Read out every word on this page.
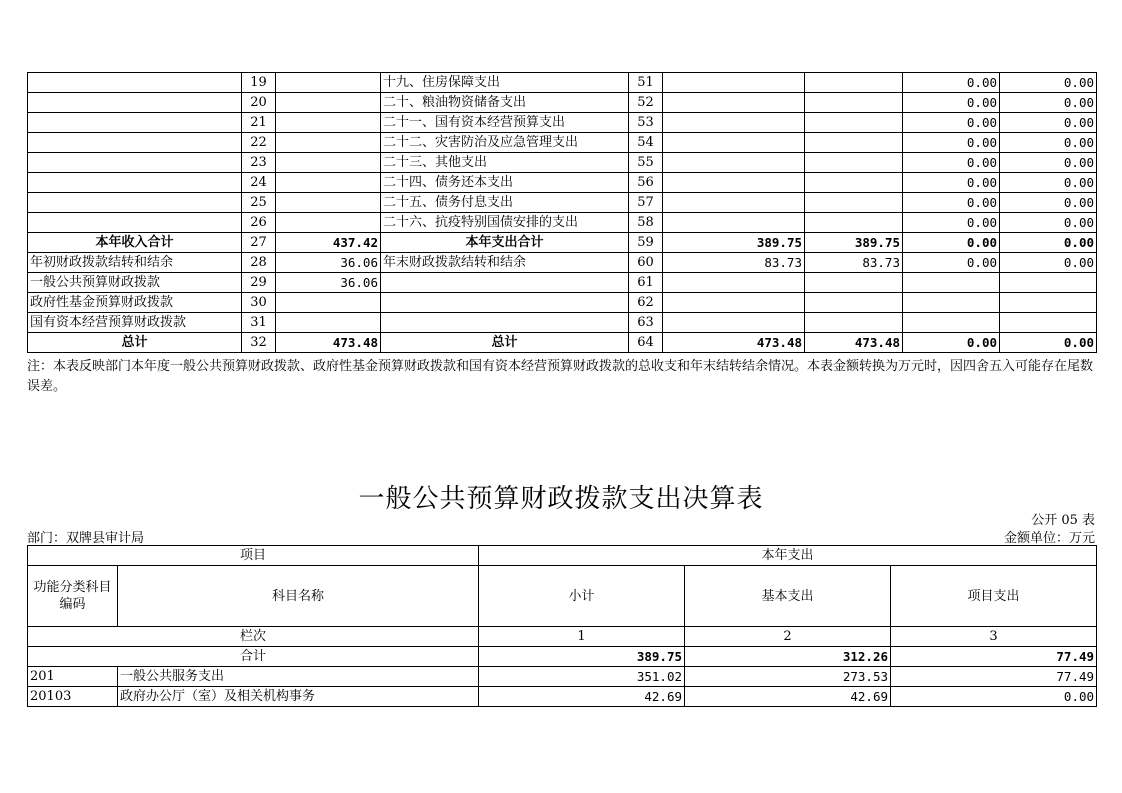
	19		十九、住房保障支出	51			0.00	0.00
	20		二十、粮油物资储备支出	52			0.00	0.00
	21		二十一、国有资本经营预算支出	53			0.00	0.00
	22		二十二、灾害防治及应急管理支出	54			0.00	0.00
	23		二十三、其他支出	55			0.00	0.00
	24		二十四、债务还本支出	56			0.00	0.00
	25		二十五、债务付息支出	57			0.00	0.00
	26		二十六、抗疫特别国债安排的支出	58			0.00	0.00
本年收入合计	27	437.42	本年支出合计	59	389.75	389.75	0.00	0.00
年初财政拨款结转和结余	28	36.06	年末财政拨款结转和结余	60	83.73	83.73	0.00	0.00
一般公共预算财政拨款	29	36.06		61				
政府性基金预算财政拨款	30			62				
国有资本经营预算财政拨款	31			63				
总计	32	473.48	总计	64	473.48	473.48	0.00	0.00
注：本表反映部门本年度一般公共预算财政拨款、政府性基金预算财政拨款和国有资本经营预算财政拨款的总收支和年末结转结余情况。本表金额转换为万元时，因四舍五入可能存在尾数误差。
一般公共预算财政拨款支出决算表
公开 05 表
部门：双牌县审计局	金额单位：万元
项目		本年支出		
功能分类科目编码	科目名称	小计	基本支出	项目支出
栏次		1	2	3
合计		389.75	312.26	77.49
201	一般公共服务支出	351.02	273.53	77.49
20103	政府办公厅（室）及相关机构事务	42.69	42.69	0.00
